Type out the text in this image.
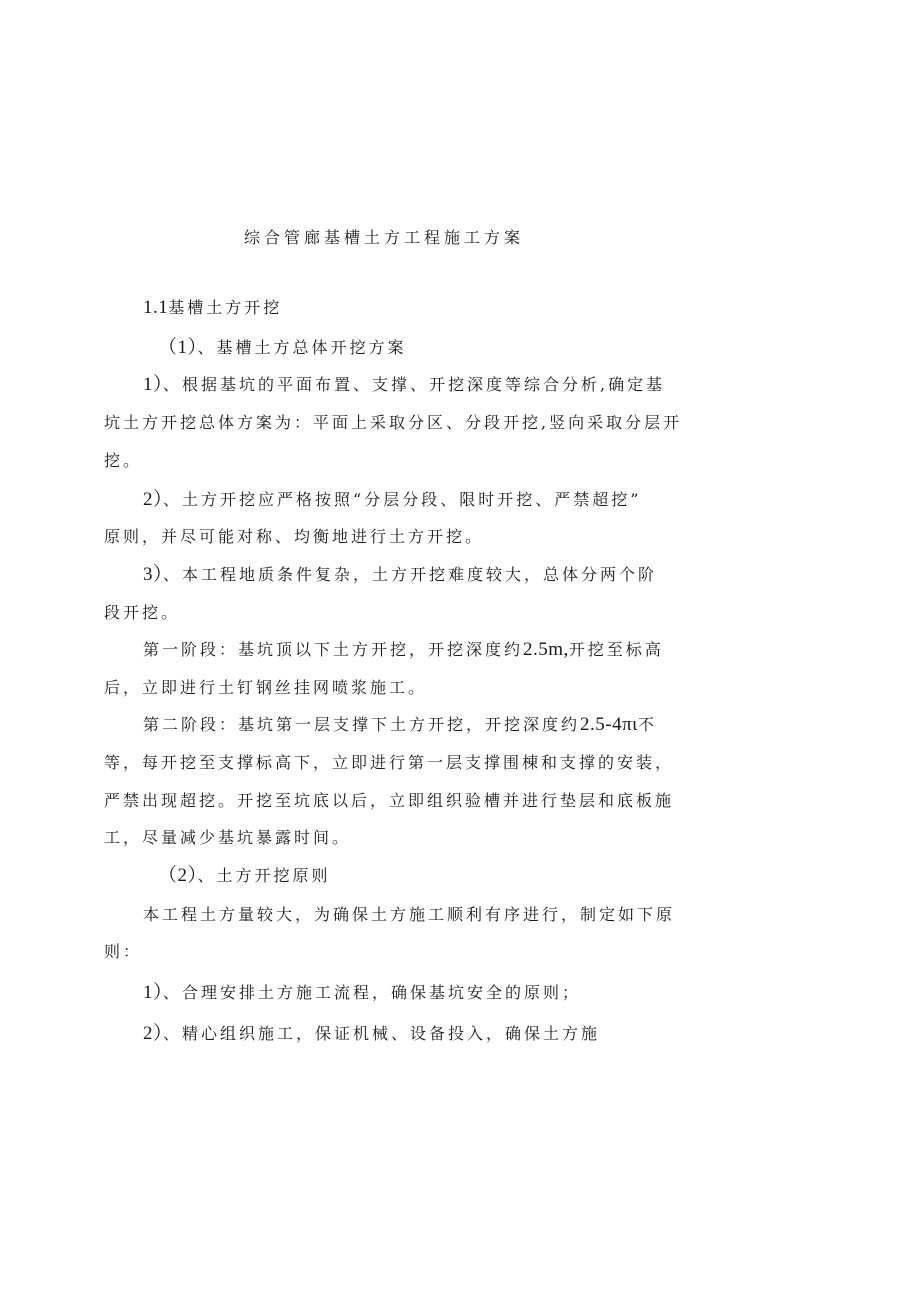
综合管廊基槽土方工程施工方案
1.1基槽土方开挖
（1）、基槽土方总体开挖方案
1）、根据基坑的平面布置、支撑、开挖深度等综合分析,确定基
坑土方开挖总体方案为：平面上采取分区、分段开挖,竖向采取分层开
挖。
2）、土方开挖应严格按照“分层分段、限时开挖、严禁超挖”
原则，并尽可能对称、均衡地进行土方开挖。
3）、本工程地质条件复杂，土方开挖难度较大，总体分两个阶
段开挖。
第一阶段：基坑顶以下土方开挖，开挖深度约2.5m,开挖至标高
后，立即进行土钉钢丝挂网喷浆施工。
第二阶段：基坑第一层支撑下土方开挖，开挖深度约2.5-4πι不
等，每开挖至支撑标高下，立即进行第一层支撑围棟和支撑的安装，
严禁出现超挖。开挖至坑底以后，立即组织验槽并进行垫层和底板施
工，尽量减少基坑暴露时间。
（2）、土方开挖原则
本工程土方量较大，为确保土方施工顺利有序进行，制定如下原
则：
1）、合理安排土方施工流程，确保基坑安全的原则；
2）、精心组织施工，保证机械、设备投入，确保土方施
